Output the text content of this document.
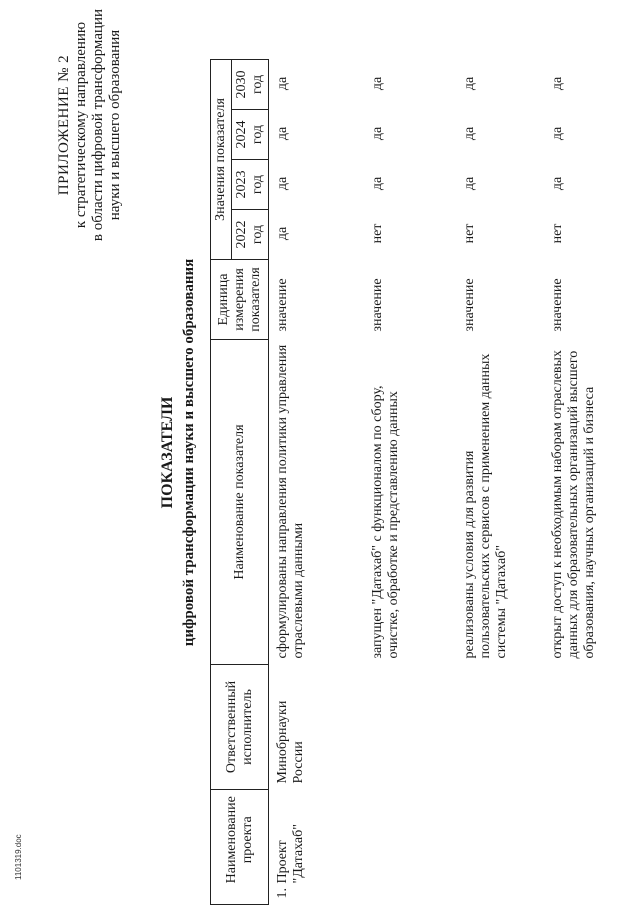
ПРИЛОЖЕНИЕ № 2 к стратегическому направлению в области цифровой трансформации науки и высшего образования
ПОКАЗАТЕЛИ цифровой трансформации науки и высшего образования
	Наименование проекта	Ответственный исполнитель	Наименование показателя	Единица измерения показателя	Значения показателя			
					2022 год	2023 год	2024 год	2030 год
1.	Проект "Датахаб"	Минобрнауки России	сформулированы направления политики управления отраслевыми данными	значение	да	да	да	да
			запущен "Датахаб" с функционалом по сбору, очистке, обработке и представлению данных	значение	нет	да	да	да
			реализованы условия для развития пользовательских сервисов с применением данных системы "Датахаб"	значение	нет	да	да	да
			открыт доступ к необходимым наборам отраслевых данных для образовательных организаций высшего образования, научных организаций и бизнеса	значение	нет	да	да	да
1101319.doc
